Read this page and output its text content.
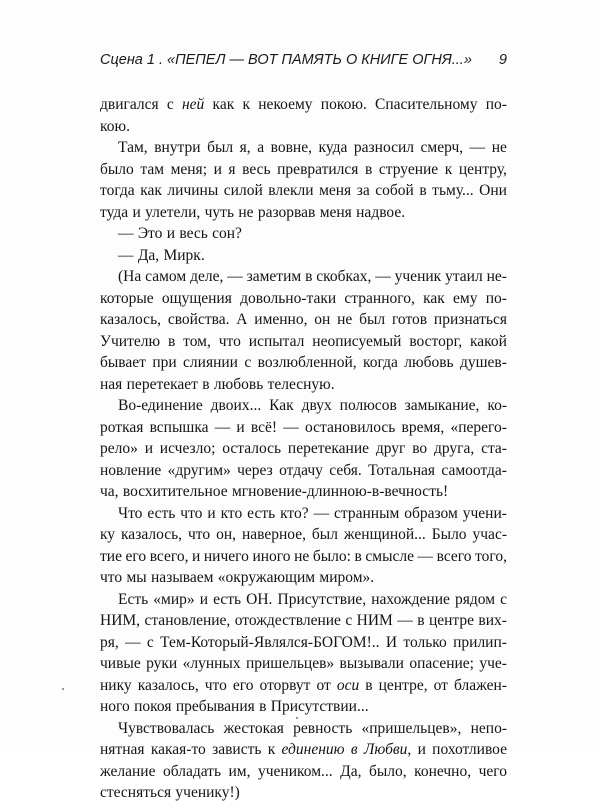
Сцена 1 . «ПЕПЕЛ — ВОТ ПАМЯТЬ О КНИГЕ ОГНЯ...» 9
двигался с ней как к некоему покою. Спасительному по-
кою.
Там, внутри был я, а вовне, куда разносил смерч, — не
было там меня; и я весь превратился в струение к центру,
тогда как личины силой влекли меня за собой в тьму... Они
туда и улетели, чуть не разорвав меня надвое.
— Это и весь сон?
— Да, Мирк.
(На самом деле, — заметим в скобках, — ученик утаил не-
которые ощущения довольно-таки странного, как ему по-
казалось, свойства. А именно, он не был готов признаться
Учителю в том, что испытал неописуемый восторг, какой
бывает при слиянии с возлюбленной, когда любовь душев-
ная перетекает в любовь телесную.
Во-единение двоих... Как двух полюсов замыкание, ко-
роткая вспышка — и всё! — остановилось время, «перего-
рело» и исчезло; осталось перетекание друг во друга, ста-
новление «другим» через отдачу себя. Тотальная самоотда-
ча, восхитительное мгновение-длинною-в-вечность!
Что есть что и кто есть кто? — странным образом учени-
ку казалось, что он, наверное, был женщиной... Было учас-
тие его всего, и ничего иного не было: в смысле — всего того,
что мы называем «окружающим миром».
Есть «мир» и есть ОН. Присутствие, нахождение рядом с
НИМ, становление, отождествление с НИМ — в центре вих-
ря, — с Тем-Который-Являлся-БОГОМ!.. И только прилип-
чивые руки «лунных пришельцев» вызывали опасение; уче-
нику казалось, что его оторвут от оси в центре, от блажен-
ного покоя пребывания в Присутствии...
Чувствовалась жестокая ревность «пришельцев», непо-
нятная какая-то зависть к единению в Любви, и похотливое
желание обладать им, учеником... Да, было, конечно, чего
стесняться ученику!)
